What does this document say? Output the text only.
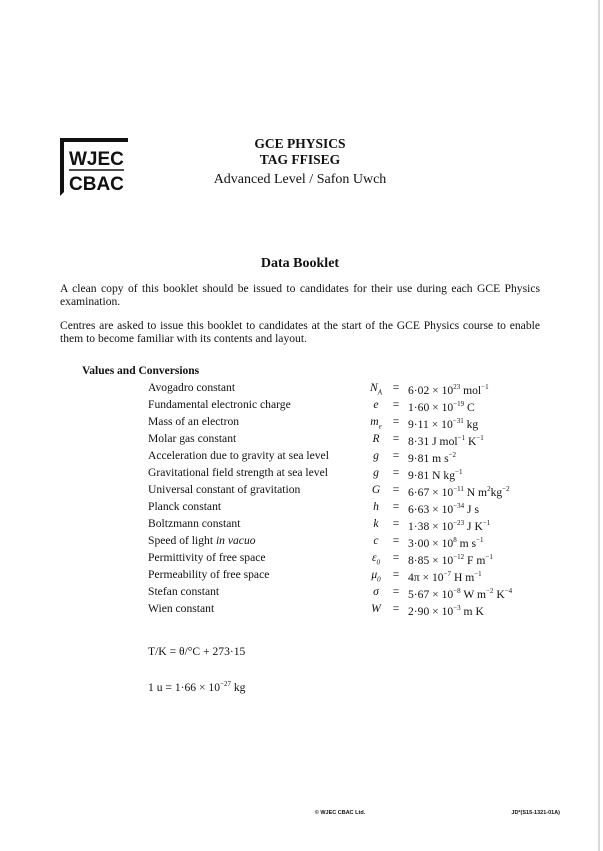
WJEC
CBAC
GCE PHYSICS
TAG FFISEG
Advanced Level / Safon Uwch
Data Booklet
A clean copy of this booklet should be issued to candidates for their use during each GCE Physics examination.
Centres are asked to issue this booklet to candidates at the start of the GCE Physics course to enable them to become familiar with its contents and layout.
Values and Conversions
Avogadro constant	$N_A = 6\cdot 02 \times 10^{23}$ mol$^{-1}$
Fundamental electronic charge	e	= $1\cdot 60 \times 10^{-19}$ C
Mass of an electron	$m_e = 9\cdot 11 \times 10^{-31}$ kg
Molar gas constant	R	= 8·31 J mol$^{-1}$ $K^{-1}$
Acceleration due to gravity at sea level	g	= 9·81 m $s^{-2}$
Gravitational field strength at sea level	g	= 9·81 N $kg^{-1}$
Universal constant of gravitation	G	= $6\cdot 67 \times 10^{-11}$ N $m^2kg^{-2}$
Planck constant	h	= $6\cdot 63 \times 10^{-34}$ J s
Boltzmann constant	k	= $1\cdot 38 \times 10^{-23}$ J $K^{-1}$
Speed of light in vacuo	c	= $3\cdot 00 \times 10^8$ m $s^{-1}$
Permittivity of free space	$\varepsilon_0$	= $8\cdot 85 \times 10^{-12}$ F $m^{-1}$
Permeability of free space	$\mu_0$	= $4\pi \times 10^{-7}$ H $m^{-1}$
Stefan constant	σ	= $5\cdot 67 \times 10^{-8}$ W $m^{-2}$ $K^{-4}$
Wien constant	W	= $2\cdot 90 \times 10^{-3}$ m K
T/K = θ/°C + 273·15
1 $u = 1\cdot 66 \times 10^{-27}$ kg
© WJEC CBAC Ltd.	JD*(S15-1321-01A)
